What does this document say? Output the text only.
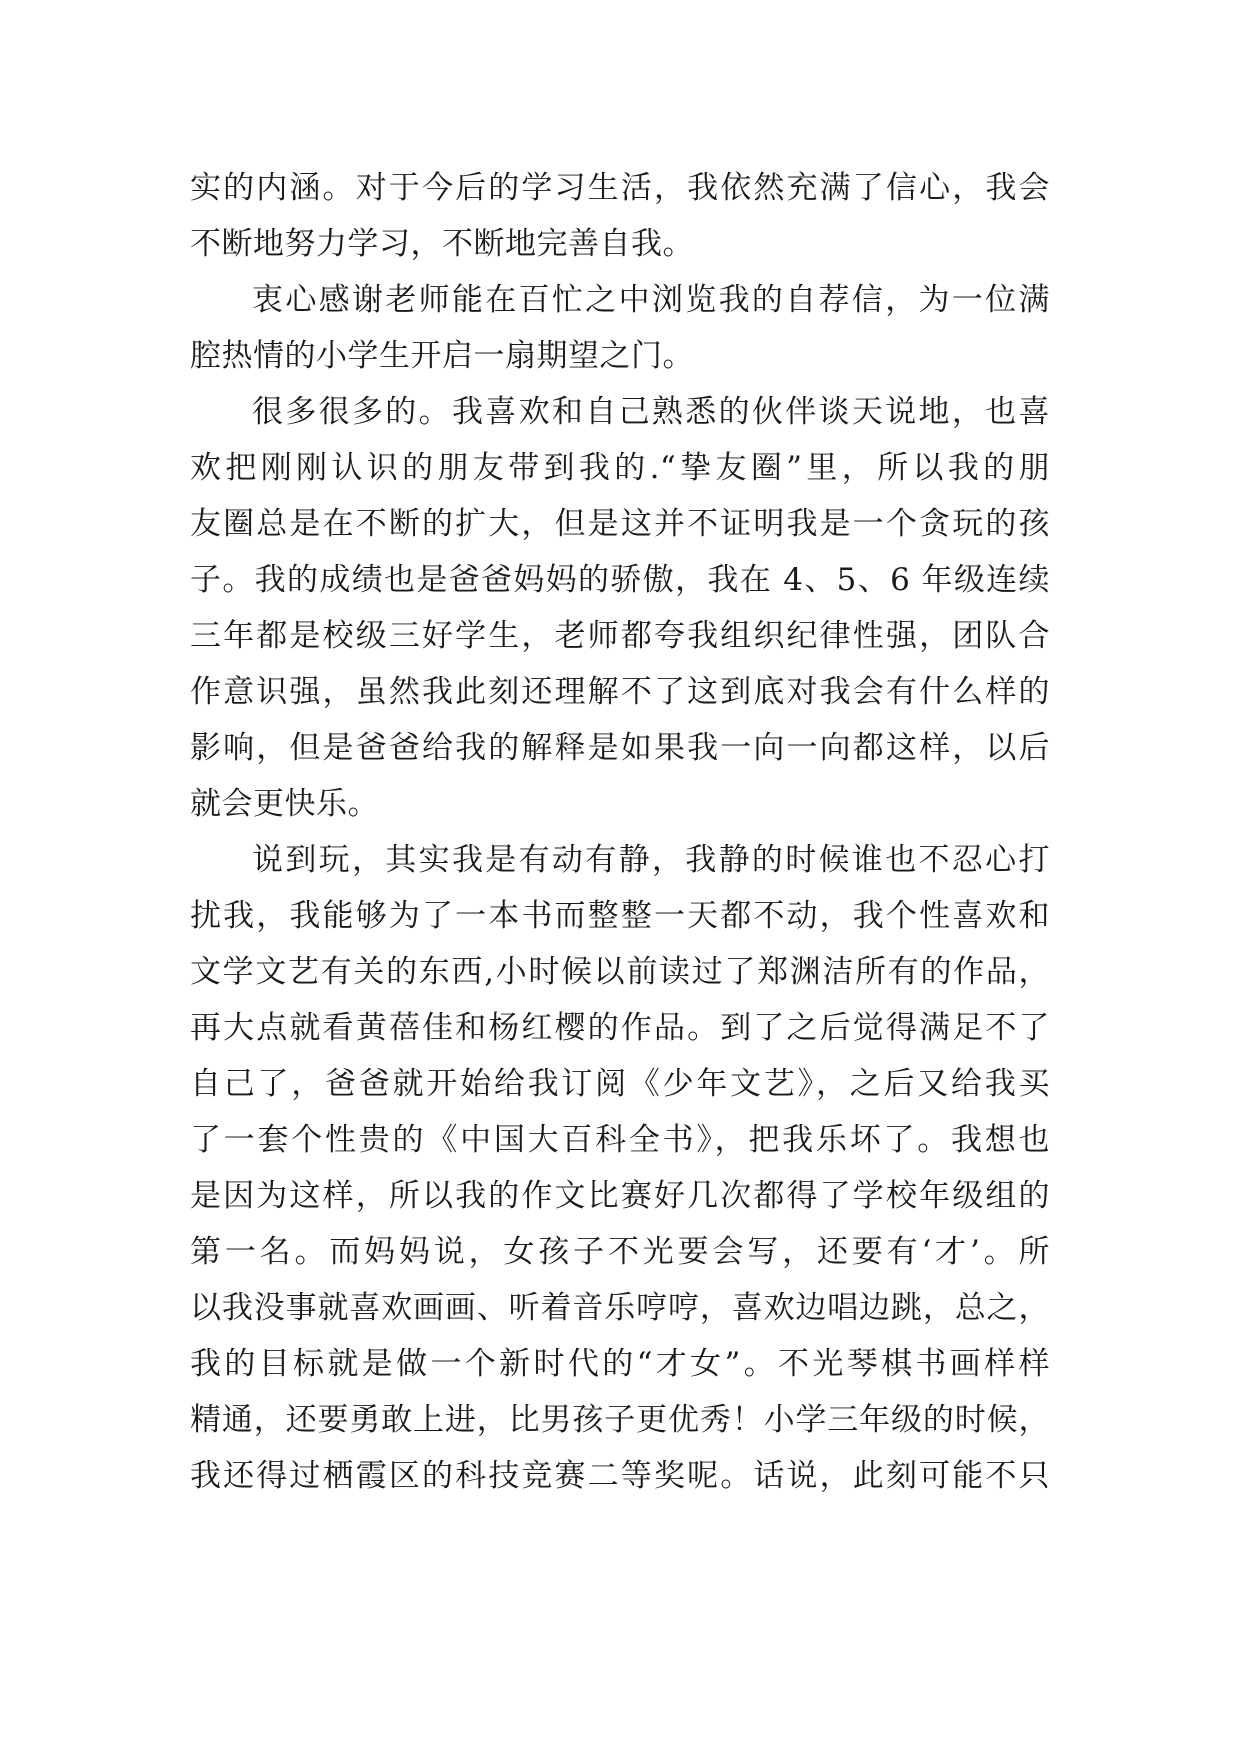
实的内涵。对于今后的学习生活，我依然充满了信心，我会
不断地努力学习，不断地完善自我。
衷心感谢老师能在百忙之中浏览我的自荐信，为一位满
腔热情的小学生开启一扇期望之门。
很多很多的。我喜欢和自己熟悉的伙伴谈天说地，也喜
欢把刚刚认识的朋友带到我的.“挚友圈”里，所以我的朋
友圈总是在不断的扩大，但是这并不证明我是一个贪玩的孩
子。我的成绩也是爸爸妈妈的骄傲，我在 4、5、6 年级连续
三年都是校级三好学生，老师都夸我组织纪律性强，团队合
作意识强，虽然我此刻还理解不了这到底对我会有什么样的
影响，但是爸爸给我的解释是如果我一向一向都这样，以后
就会更快乐。
说到玩，其实我是有动有静，我静的时候谁也不忍心打
扰我，我能够为了一本书而整整一天都不动，我个性喜欢和
文学文艺有关的东西,小时候以前读过了郑渊洁所有的作品，
再大点就看黄蓓佳和杨红樱的作品。到了之后觉得满足不了
自己了，爸爸就开始给我订阅《少年文艺》，之后又给我买
了一套个性贵的《中国大百科全书》，把我乐坏了。我想也
是因为这样，所以我的作文比赛好几次都得了学校年级组的
第一名。而妈妈说，女孩子不光要会写，还要有‘才’。所
以我没事就喜欢画画、听着音乐哼哼，喜欢边唱边跳，总之，
我的目标就是做一个新时代的“才女”。不光琴棋书画样样
精通，还要勇敢上进，比男孩子更优秀！小学三年级的时候，
我还得过栖霞区的科技竞赛二等奖呢。话说，此刻可能不只
